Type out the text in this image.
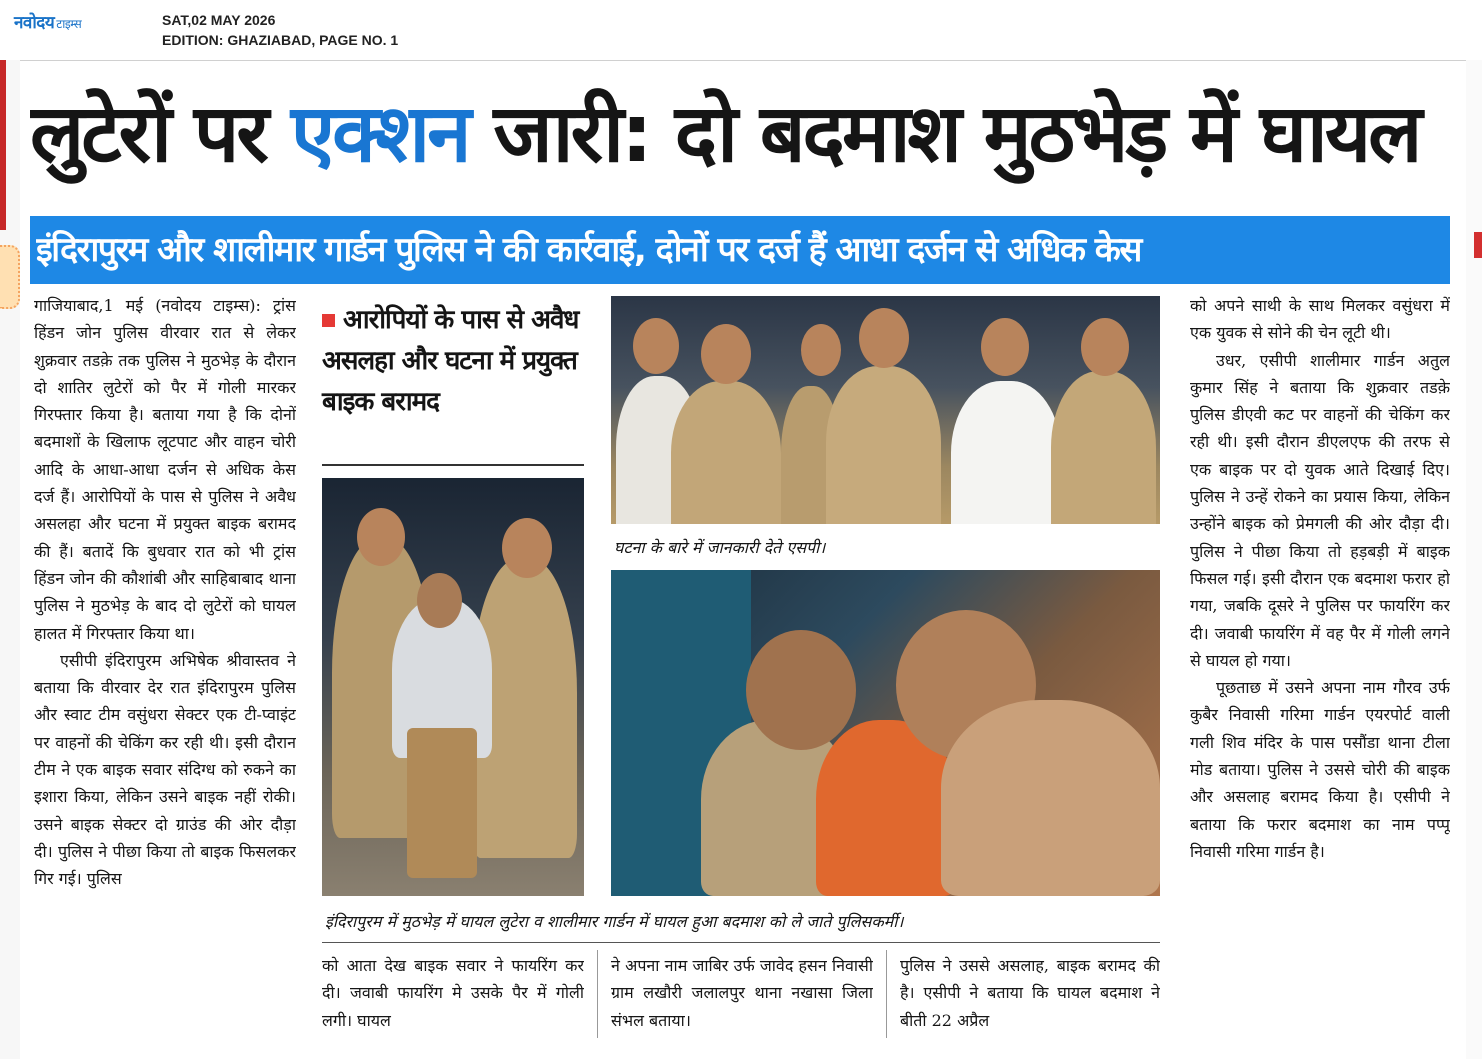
नवोदय टाइम्स	SAT,02 MAY 2026
EDITION: GHAZIABAD, PAGE NO. 1
लुटेरों पर एक्शन जारी: दो बदमाश मुठभेड़ में घायल
इंदिरापुरम और शालीमार गार्डन पुलिस ने की कार्रवाई, दोनों पर दर्ज हैं आधा दर्जन से अधिक केस

गाजियाबाद,1 मई (नवोदय टाइम्स): ट्रांस हिंडन जोन पुलिस वीरवार रात से लेकर शुक्रवार तडक़े तक पुलिस ने मुठभेड़ के दौरान दो शातिर लुटेरों को पैर में गोली मारकर गिरफ्तार किया है। बताया गया है कि दोनों बदमाशों के खिलाफ लूटपाट और वाहन चोरी आदि के आधा-आधा दर्जन से अधिक केस दर्ज हैं। आरोपियों के पास से पुलिस ने अवैध असलहा और घटना में प्रयुक्त बाइक बरामद की हैं। बतादें कि बुधवार रात को भी ट्रांस हिंडन जोन की कौशांबी और साहिबाबाद थाना पुलिस ने मुठभेड़ के बाद दो लुटेरों को घायल हालत में गिरफ्तार किया था।

एसीपी इंदिरापुरम अभिषेक श्रीवास्तव ने बताया कि वीरवार देर रात इंदिरापुरम पुलिस और स्वाट टीम वसुंधरा सेक्टर एक टी-प्वाइंट पर वाहनों की चेकिंग कर रही थी। इसी दौरान टीम ने एक बाइक सवार संदिग्ध को रुकने का इशारा किया, लेकिन उसने बाइक नहीं रोकी। उसने बाइक सेक्टर दो ग्राउंड की ओर दौड़ा दी। पुलिस ने पीछा किया तो बाइक फिसलकर गिर गई। पुलिस

आरोपियों के पास से अवैध असलहा और घटना में प्रयुक्त बाइक बरामद
घटना के बारे में जानकारी देते एसपी।
इंदिरापुरम में मुठभेड़ में घायल लुटेरा व शालीमार गार्डन में घायल हुआ बदमाश को ले जाते पुलिसकर्मी।

को आता देख बाइक सवार ने फायरिंग कर दी। जवाबी फायरिंग मे उसके पैर में गोली लगी। घायल

ने अपना नाम जाबिर उर्फ जावेद हसन निवासी ग्राम लखौरी जलालपुर थाना नखासा जिला संभल बताया।

पुलिस ने उससे असलाह, बाइक बरामद की है। एसीपी ने बताया कि घायल बदमाश ने बीती 22 अप्रैल

को अपने साथी के साथ मिलकर वसुंधरा में एक युवक से सोने की चेन लूटी थी।

उधर, एसीपी शालीमार गार्डन अतुल कुमार सिंह ने बताया कि शुक्रवार तडक़े पुलिस डीएवी कट पर वाहनों की चेकिंग कर रही थी। इसी दौरान डीएलएफ की तरफ से एक बाइक पर दो युवक आते दिखाई दिए। पुलिस ने उन्हें रोकने का प्रयास किया, लेकिन उन्होंने बाइक को प्रेमगली की ओर दौड़ा दी। पुलिस ने पीछा किया तो हड़बड़ी में बाइक फिसल गई। इसी दौरान एक बदमाश फरार हो गया, जबकि दूसरे ने पुलिस पर फायरिंग कर दी। जवाबी फायरिंग में वह पैर में गोली लगने से घायल हो गया।

पूछताछ में उसने अपना नाम गौरव उर्फ कुबैर निवासी गरिमा गार्डन एयरपोर्ट वाली गली शिव मंदिर के पास पसौंडा थाना टीला मोड बताया। पुलिस ने उससे चोरी की बाइक और असलाह बरामद किया है। एसीपी ने बताया कि फरार बदमाश का नाम पप्पू निवासी गरिमा गार्डन है।
